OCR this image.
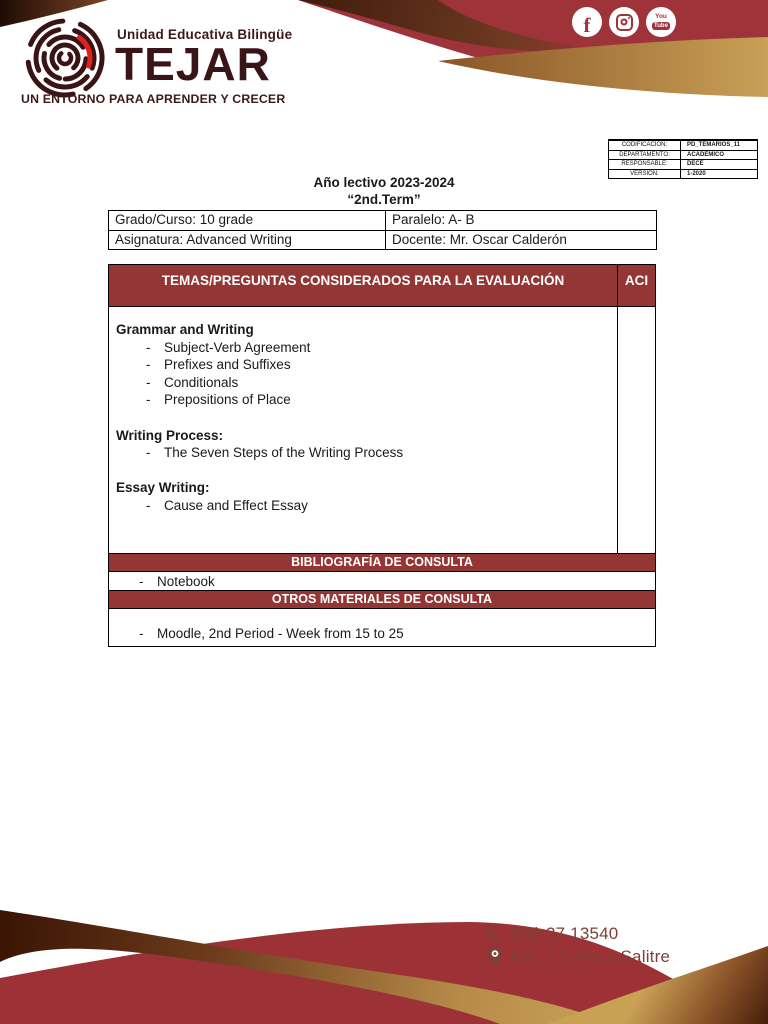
Unidad Educativa Bilingüe
TEJAR
UN ENTORNO PARA APRENDER Y CRECER
f	You
Tube
CODIFICACIÓN:	PD_TEMARIOS_11
DEPARTAMENTO:	ACADÉMICO
RESPONSABLE:	DECE
VERSIÓN:	1-2020
Año lectivo 2023-2024
“2nd.Term”
Grado/Curso: 10 grade	Paralelo: A- B
Asignatura: Advanced Writing	Docente: Mr. Oscar Calderón
TEMAS/PREGUNTAS CONSIDERADOS PARA LA EVALUACIÓN	ACI
Grammar and Writing
-	Subject-Verb Agreement
-	Prefixes and Suffixes
-	Conditionals
-	Prepositions of Place
Writing Process:
-	The Seven Steps of the Writing Process
Essay Writing:
-	Cause and Effect Essay
BIBLIOGRAFÍA DE CONSULTA
-	Notebook
OTROS MATERIALES DE CONSULTA
-	Moodle, 2nd Period - Week from 15 to 25
(04) 37 13540
Km. 7.5 Vía a Salitre
